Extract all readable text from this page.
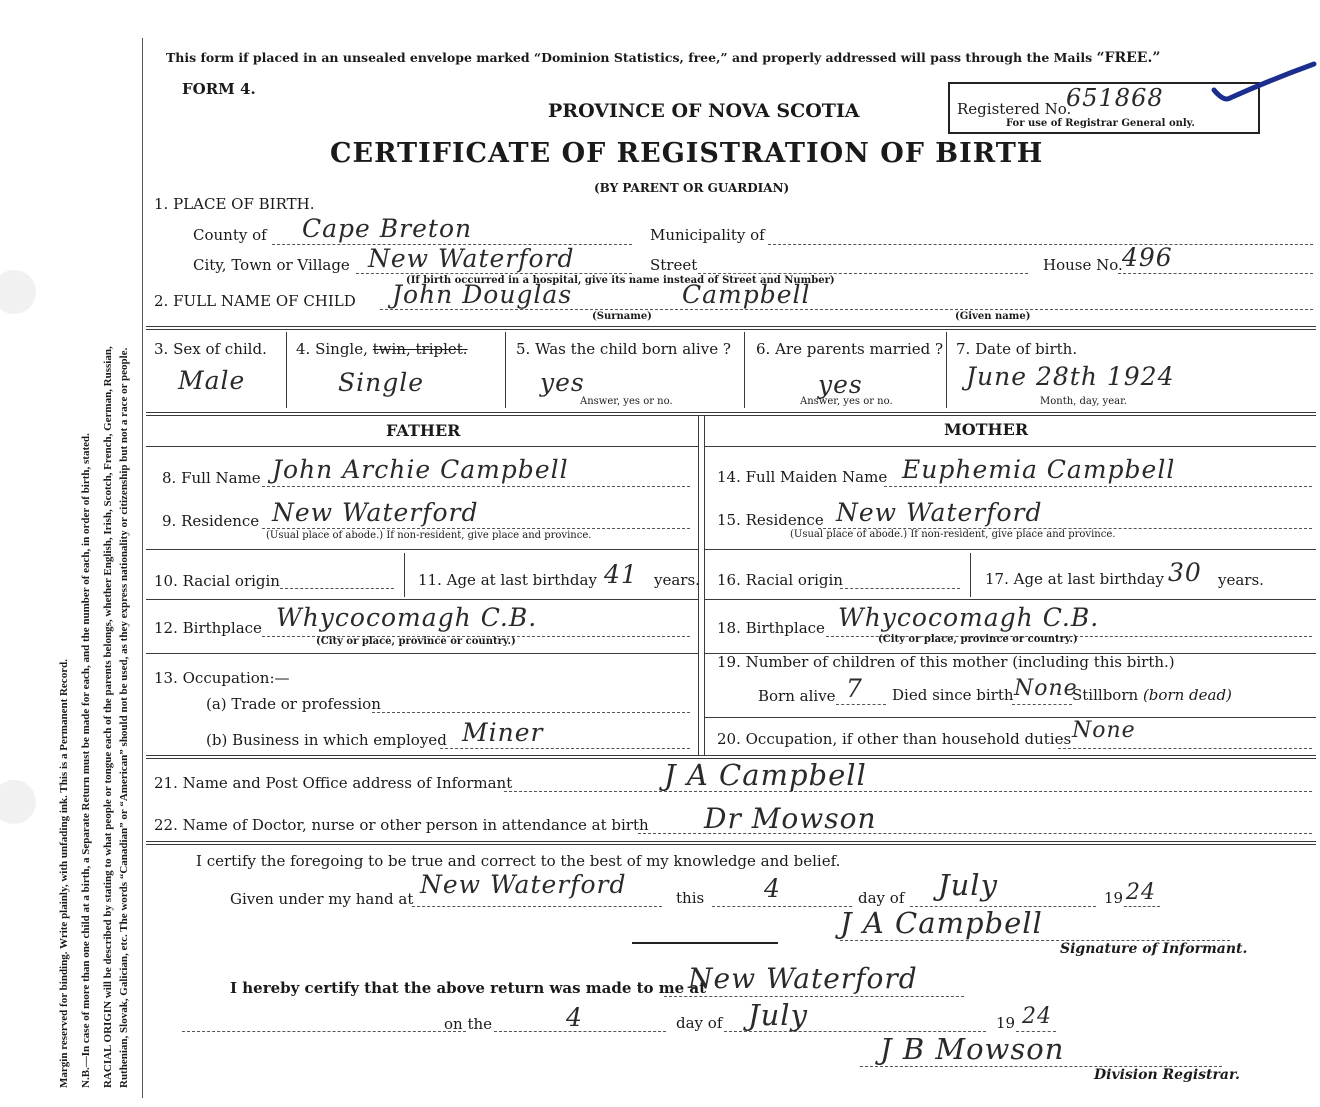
Margin reserved for binding. Write plainly, with unfading ink. This is a Permanent Record. N.B.—In case of more than one child at a birth, a Separate Return must be made for each, and the number of each, in order of birth, stated. RACIAL ORIGIN will be described by stating to what people or tongue each of the parents belongs, whether English, Irish, Scotch, French, German, Russian, Ruthenian, Slovak, Galician, etc. The words “Canadian” or “American” should not be used, as they express nationality or citizenship but not a race or people.
This form if placed in an unsealed envelope marked “Dominion Statistics, free,” and properly addressed will pass through the Mails “FREE.”
FORM 4.
PROVINCE OF NOVA SCOTIA
CERTIFICATE OF REGISTRATION OF BIRTH
(BY PARENT OR GUARDIAN)
Registered No.
651868
For use of Registrar General only.
1. PLACE OF BIRTH.
County of Cape Breton	Municipality of
City, Town or Village New Waterford	Street	House No. 496
(If birth occurred in a hospital, give its name instead of Street and Number)
2. FULL NAME OF CHILD John Douglas	Campbell
(Surname)	(Given name)
3. Sex of child.
Male
4. Single, twin, triplet.
Single
5. Was the child born alive ?
yes
Answer, yes or no.
6. Are parents married ?
yes
Answer, yes or no.
7. Date of birth.
June 28th 1924
Month, day, year.
FATHER	MOTHER
8. Full Name John Archie Campbell	14. Full Maiden Name Euphemia Campbell
9. Residence New Waterford
(Usual place of abode.) If non-resident, give place and province.
15. Residence New Waterford
(Usual place of abode.) If non-resident, give place and province.
10. Racial origin	11. Age at last birthday 41 years. 16. Racial origin	17. Age at last birthday 30 years.
12. Birthplace Whycocomagh C.B.
(City or place, province or country.)
18. Birthplace Whycocomagh C.B.
(City or place, province or country.)
13. Occupation:—
(a) Trade or profession
19. Number of children of this mother (including this birth.)
Born alive 7 Died since birth None
Stillborn (born dead)
(b) Business in which employed Miner	20. Occupation, if other than household duties None
21. Name and Post Office address of Informant	J A Campbell
22. Name of Doctor, nurse or other person in attendance at birth Dr Mowson
I certify the foregoing to be true and correct to the best of my knowledge and belief.
Given under my hand at New Waterford	this 4	day of July	19 24
J A Campbell
Signature of Informant.
I hereby certify that the above return was made to me at
New Waterford
on the	4	day of July	19 24
J B Mowson
Division Registrar.
